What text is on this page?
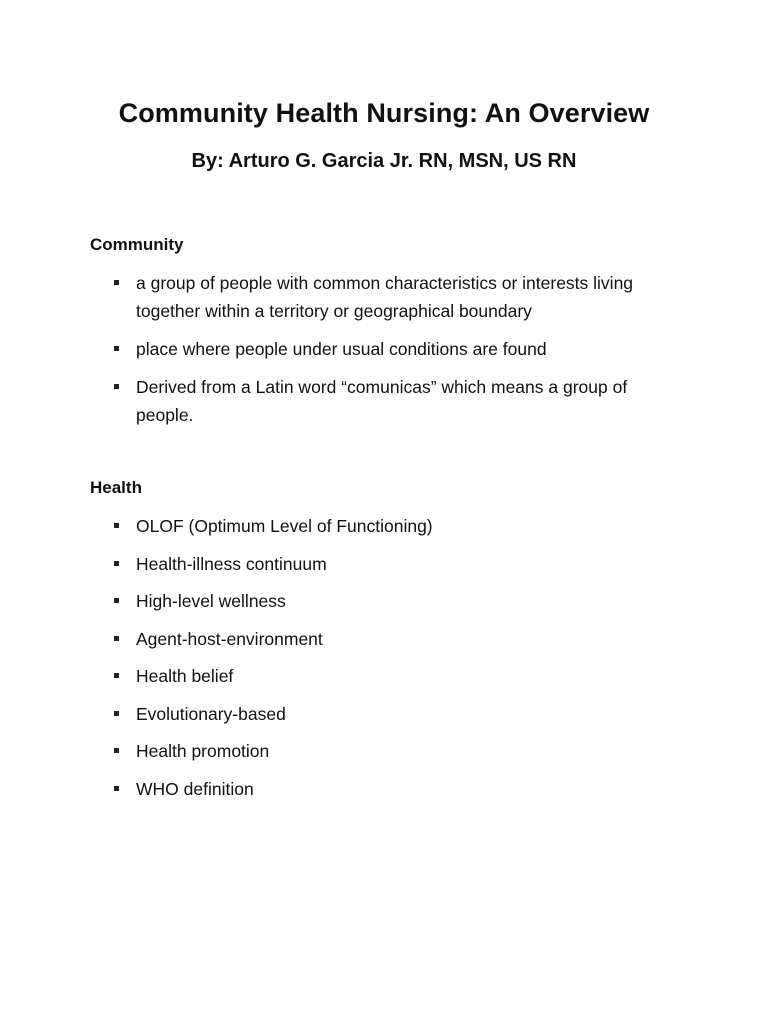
Community Health Nursing: An Overview
By: Arturo G. Garcia Jr. RN, MSN, US RN
Community
a group of people with common characteristics or interests living together within a territory or geographical boundary
place where people under usual conditions are found
Derived from a Latin word “comunicas” which means a group of people.
Health
OLOF (Optimum Level of Functioning)
Health-illness continuum
High-level wellness
Agent-host-environment
Health belief
Evolutionary-based
Health promotion
WHO definition
